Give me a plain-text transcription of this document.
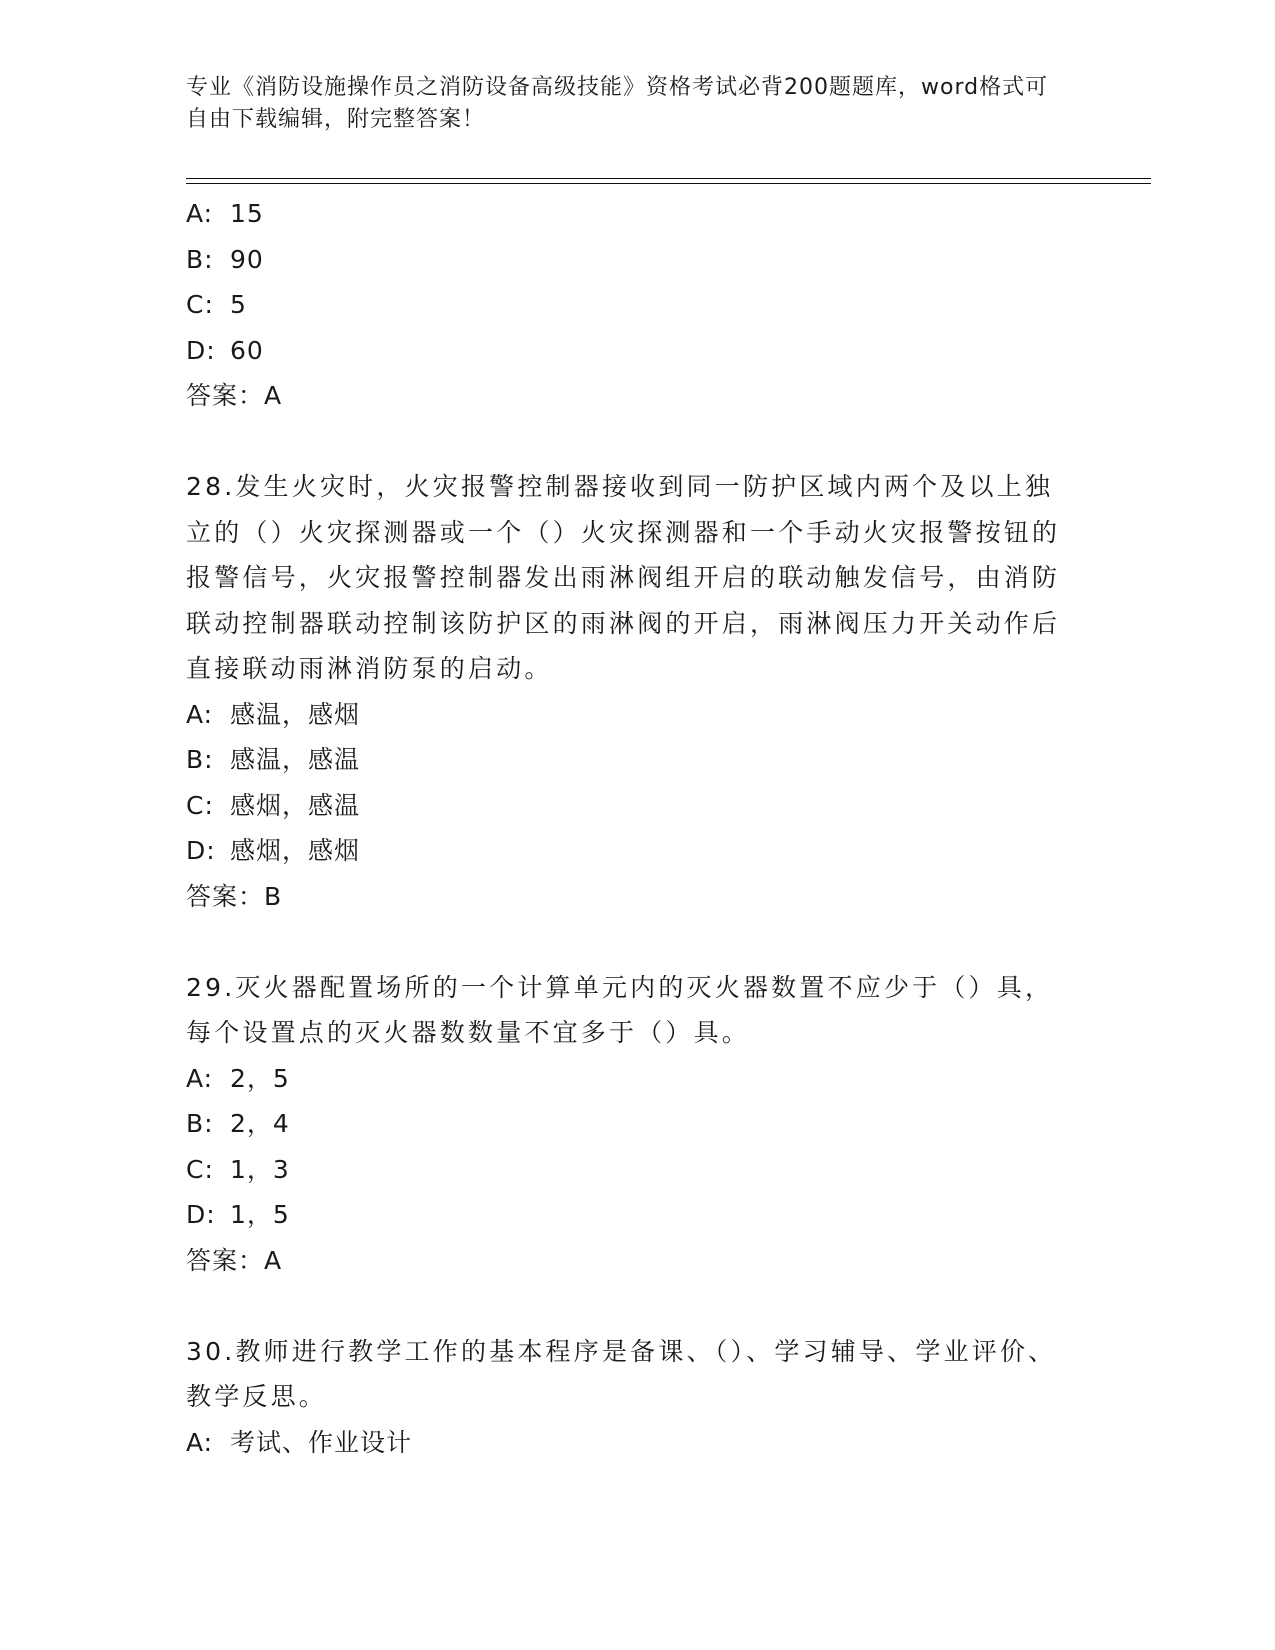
专业《消防设施操作员之消防设备高级技能》资格考试必背200题题库，word格式可自由下载编辑，附完整答案！
A: 15
B: 90
C: 5
D: 60
答案：A
28.发生火灾时，火灾报警控制器接收到同一防护区域内两个及以上独立的（）火灾探测器或一个（）火灾探测器和一个手动火灾报警按钮的报警信号，火灾报警控制器发出雨淋阀组开启的联动触发信号，由消防联动控制器联动控制该防护区的雨淋阀的开启，雨淋阀压力开关动作后直接联动雨淋消防泵的启动。
A: 感温，感烟
B: 感温，感温
C: 感烟，感温
D: 感烟，感烟
答案：B
29.灭火器配置场所的一个计算单元内的灭火器数置不应少于（）具，每个设置点的灭火器数数量不宜多于（）具。
A: 2，5
B: 2，4
C: 1，3
D: 1，5
答案：A
30.教师进行教学工作的基本程序是备课、（）、学习辅导、学业评价、教学反思。
A: 考试、作业设计
